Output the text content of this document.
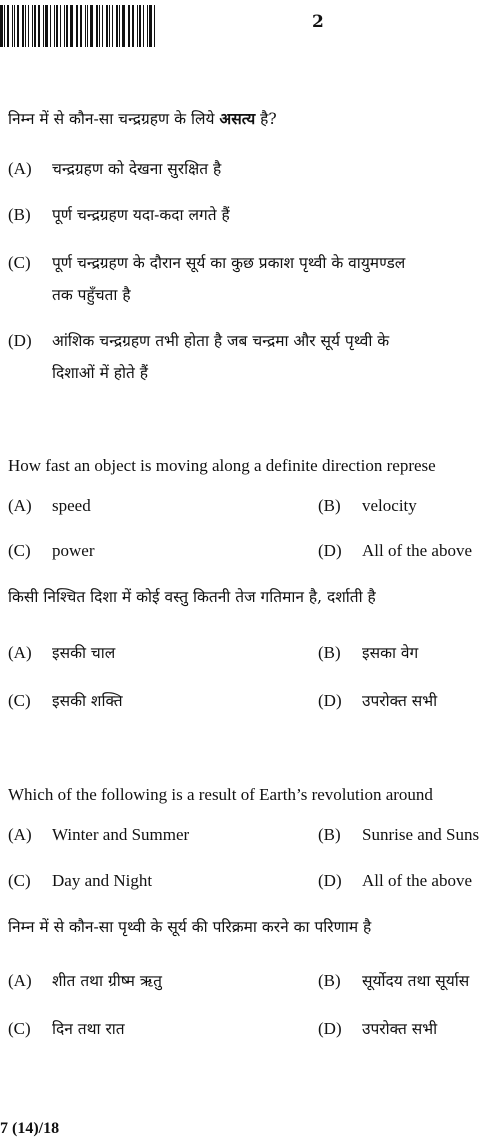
2
निम्न में से कौन-सा चन्द्रग्रहण के लिये असत्य है?
(A) चन्द्रग्रहण को देखना सुरक्षित है
(B) पूर्ण चन्द्रग्रहण यदा-कदा लगते हैं
(C) पूर्ण चन्द्रग्रहण के दौरान सूर्य का कुछ प्रकाश पृथ्वी के वायुमण्डल
तक पहुँचता है
(D) आंशिक चन्द्रग्रहण तभी होता है जब चन्द्रमा और सूर्य पृथ्वी के
दिशाओं में होते हैं
How fast an object is moving along a definite direction represe
(A) speed	(B) velocity
(C) power	(D) All of the above
किसी निश्चित दिशा में कोई वस्तु कितनी तेज गतिमान है, दर्शाती है
(A) इसकी चाल	(B) इसका वेग
(C) इसकी शक्ति	(D) उपरोक्त सभी
Which of the following is a result of Earth’s revolution around
(A) Winter and Summer	(B) Sunrise and Suns
(C) Day and Night	(D) All of the above
निम्न में से कौन-सा पृथ्वी के सूर्य की परिक्रमा करने का परिणाम है
(A) शीत तथा ग्रीष्म ऋतु	(B) सूर्योदय तथा सूर्यास
(C) दिन तथा रात	(D) उपरोक्त सभी
7 (14)/18
